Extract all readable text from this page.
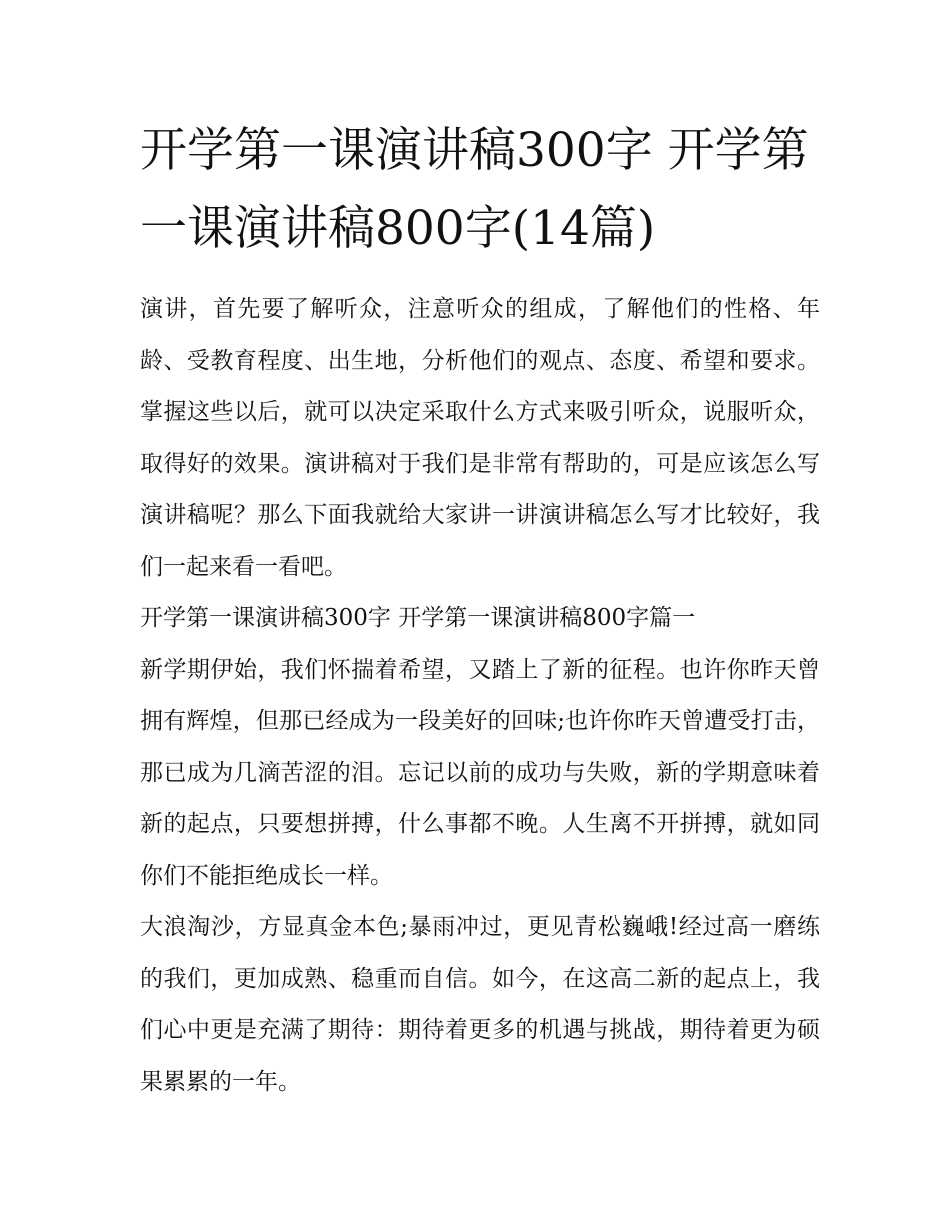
开学第一课演讲稿300字 开学第一课演讲稿800字(14篇)

演讲，首先要了解听众，注意听众的组成，了解他们的性格、年龄、受教育程度、出生地，分析他们的观点、态度、希望和要求。掌握这些以后，就可以决定采取什么方式来吸引听众，说服听众，取得好的效果。演讲稿对于我们是非常有帮助的，可是应该怎么写演讲稿呢？那么下面我就给大家讲一讲演讲稿怎么写才比较好，我们一起来看一看吧。

开学第一课演讲稿300字 开学第一课演讲稿800字篇一

新学期伊始，我们怀揣着希望，又踏上了新的征程。也许你昨天曾拥有辉煌，但那已经成为一段美好的回味;也许你昨天曾遭受打击，那已成为几滴苦涩的泪。忘记以前的成功与失败，新的学期意味着新的起点，只要想拼搏，什么事都不晚。人生离不开拼搏，就如同你们不能拒绝成长一样。

大浪淘沙，方显真金本色;暴雨冲过，更见青松巍峨!经过高一磨练的我们，更加成熟、稳重而自信。如今，在这高二新的起点上，我们心中更是充满了期待：期待着更多的机遇与挑战，期待着更为硕果累累的一年。
